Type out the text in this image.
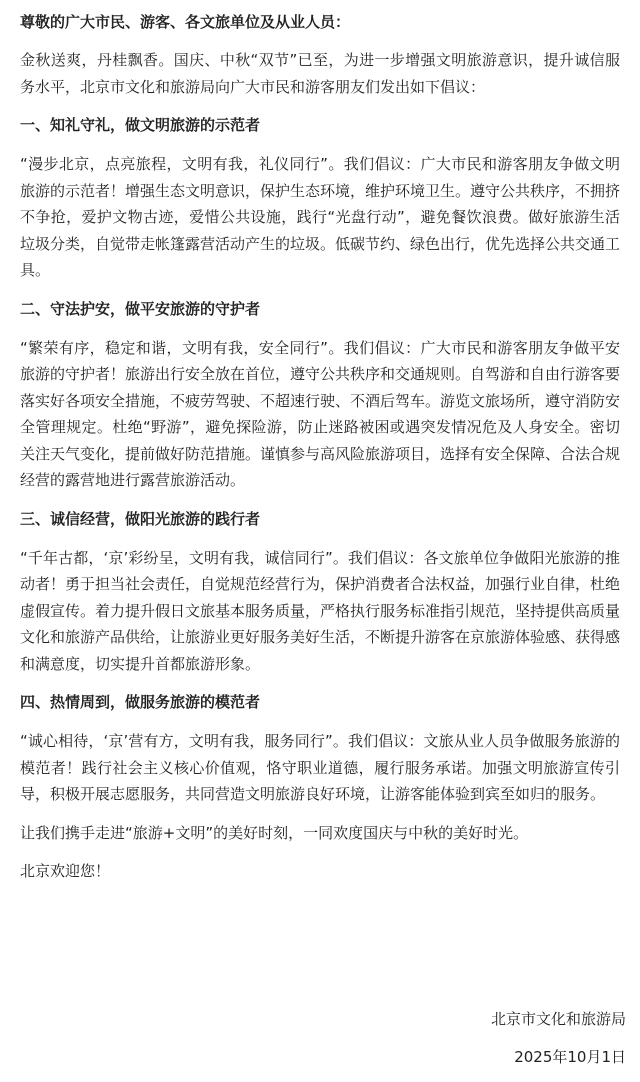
尊敬的广大市民、游客、各文旅单位及从业人员：
金秋送爽，丹桂飘香。国庆、中秋“双节”已至，为进一步增强文明旅游意识，提升诚信服务水平，北京市文化和旅游局向广大市民和游客朋友们发出如下倡议：
一、知礼守礼，做文明旅游的示范者
“漫步北京，点亮旅程，文明有我，礼仪同行”。我们倡议：广大市民和游客朋友争做文明旅游的示范者！增强生态文明意识，保护生态环境，维护环境卫生。遵守公共秩序，不拥挤不争抢，爱护文物古迹，爱惜公共设施，践行“光盘行动”，避免餐饮浪费。做好旅游生活垃圾分类，自觉带走帐篷露营活动产生的垃圾。低碳节约、绿色出行，优先选择公共交通工具。
二、守法护安，做平安旅游的守护者
“繁荣有序，稳定和谐，文明有我，安全同行”。我们倡议：广大市民和游客朋友争做平安旅游的守护者！旅游出行安全放在首位，遵守公共秩序和交通规则。自驾游和自由行游客要落实好各项安全措施，不疲劳驾驶、不超速行驶、不酒后驾车。游览文旅场所，遵守消防安全管理规定。杜绝“野游”，避免探险游，防止迷路被困或遇突发情况危及人身安全。密切关注天气变化，提前做好防范措施。谨慎参与高风险旅游项目，选择有安全保障、合法合规经营的露营地进行露营旅游活动。
三、诚信经营，做阳光旅游的践行者
“千年古都，‘京’彩纷呈，文明有我，诚信同行”。我们倡议：各文旅单位争做阳光旅游的推动者！勇于担当社会责任，自觉规范经营行为，保护消费者合法权益，加强行业自律，杜绝虚假宣传。着力提升假日文旅基本服务质量，严格执行服务标准指引规范，坚持提供高质量文化和旅游产品供给，让旅游业更好服务美好生活，不断提升游客在京旅游体验感、获得感和满意度，切实提升首都旅游形象。
四、热情周到，做服务旅游的模范者
“诚心相待，‘京’营有方，文明有我，服务同行”。我们倡议：文旅从业人员争做服务旅游的模范者！践行社会主义核心价值观，恪守职业道德，履行服务承诺。加强文明旅游宣传引导，积极开展志愿服务，共同营造文明旅游良好环境，让游客能体验到宾至如归的服务。
让我们携手走进“旅游+文明”的美好时刻，一同欢度国庆与中秋的美好时光。
北京欢迎您！
北京市文化和旅游局
2025年10月1日
